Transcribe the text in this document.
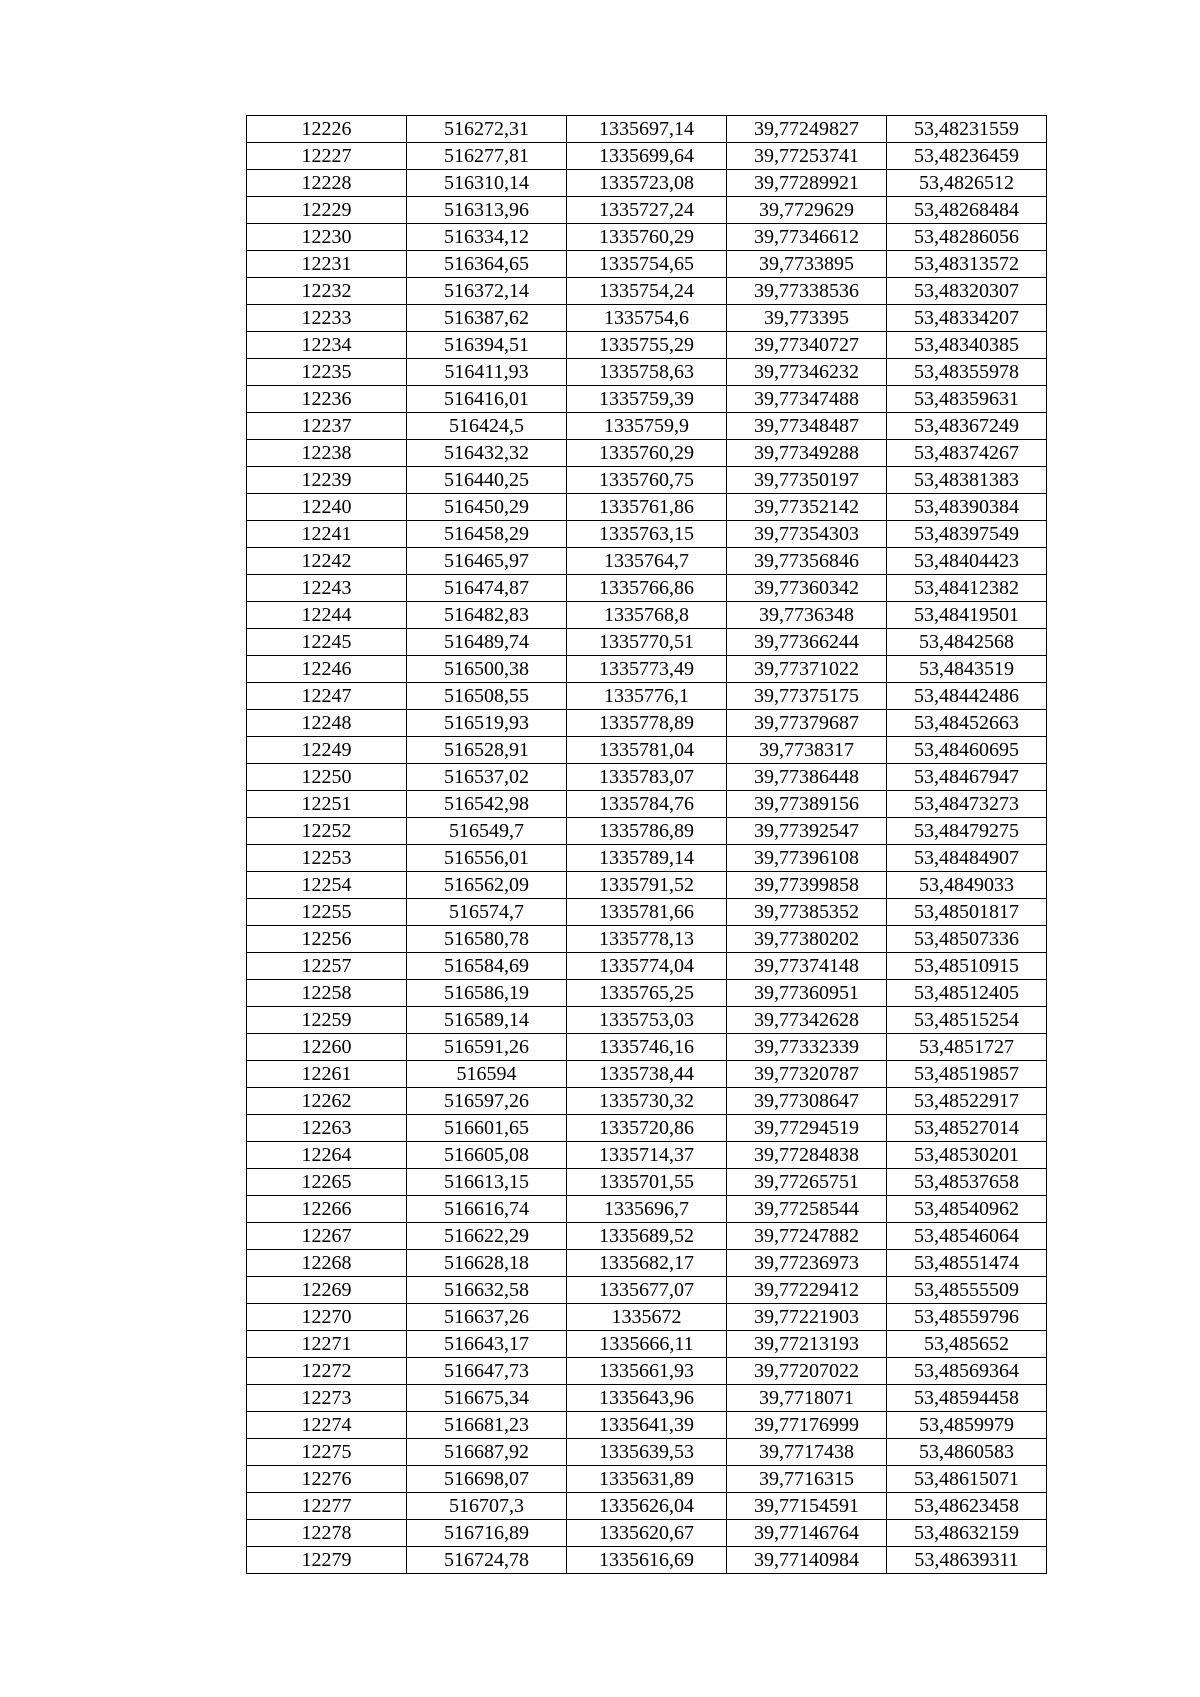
12226	516272,31	1335697,14	39,77249827	53,48231559
12227	516277,81	1335699,64	39,77253741	53,48236459
12228	516310,14	1335723,08	39,77289921	53,4826512
12229	516313,96	1335727,24	39,7729629	53,48268484
12230	516334,12	1335760,29	39,77346612	53,48286056
12231	516364,65	1335754,65	39,7733895	53,48313572
12232	516372,14	1335754,24	39,77338536	53,48320307
12233	516387,62	1335754,6	39,773395	53,48334207
12234	516394,51	1335755,29	39,77340727	53,48340385
12235	516411,93	1335758,63	39,77346232	53,48355978
12236	516416,01	1335759,39	39,77347488	53,48359631
12237	516424,5	1335759,9	39,77348487	53,48367249
12238	516432,32	1335760,29	39,77349288	53,48374267
12239	516440,25	1335760,75	39,77350197	53,48381383
12240	516450,29	1335761,86	39,77352142	53,48390384
12241	516458,29	1335763,15	39,77354303	53,48397549
12242	516465,97	1335764,7	39,77356846	53,48404423
12243	516474,87	1335766,86	39,77360342	53,48412382
12244	516482,83	1335768,8	39,7736348	53,48419501
12245	516489,74	1335770,51	39,77366244	53,4842568
12246	516500,38	1335773,49	39,77371022	53,4843519
12247	516508,55	1335776,1	39,77375175	53,48442486
12248	516519,93	1335778,89	39,77379687	53,48452663
12249	516528,91	1335781,04	39,7738317	53,48460695
12250	516537,02	1335783,07	39,77386448	53,48467947
12251	516542,98	1335784,76	39,77389156	53,48473273
12252	516549,7	1335786,89	39,77392547	53,48479275
12253	516556,01	1335789,14	39,77396108	53,48484907
12254	516562,09	1335791,52	39,77399858	53,4849033
12255	516574,7	1335781,66	39,77385352	53,48501817
12256	516580,78	1335778,13	39,77380202	53,48507336
12257	516584,69	1335774,04	39,77374148	53,48510915
12258	516586,19	1335765,25	39,77360951	53,48512405
12259	516589,14	1335753,03	39,77342628	53,48515254
12260	516591,26	1335746,16	39,77332339	53,4851727
12261	516594	1335738,44	39,77320787	53,48519857
12262	516597,26	1335730,32	39,77308647	53,48522917
12263	516601,65	1335720,86	39,77294519	53,48527014
12264	516605,08	1335714,37	39,77284838	53,48530201
12265	516613,15	1335701,55	39,77265751	53,48537658
12266	516616,74	1335696,7	39,77258544	53,48540962
12267	516622,29	1335689,52	39,77247882	53,48546064
12268	516628,18	1335682,17	39,77236973	53,48551474
12269	516632,58	1335677,07	39,77229412	53,48555509
12270	516637,26	1335672	39,77221903	53,48559796
12271	516643,17	1335666,11	39,77213193	53,485652
12272	516647,73	1335661,93	39,77207022	53,48569364
12273	516675,34	1335643,96	39,7718071	53,48594458
12274	516681,23	1335641,39	39,77176999	53,4859979
12275	516687,92	1335639,53	39,7717438	53,4860583
12276	516698,07	1335631,89	39,7716315	53,48615071
12277	516707,3	1335626,04	39,77154591	53,48623458
12278	516716,89	1335620,67	39,77146764	53,48632159
12279	516724,78	1335616,69	39,77140984	53,48639311
